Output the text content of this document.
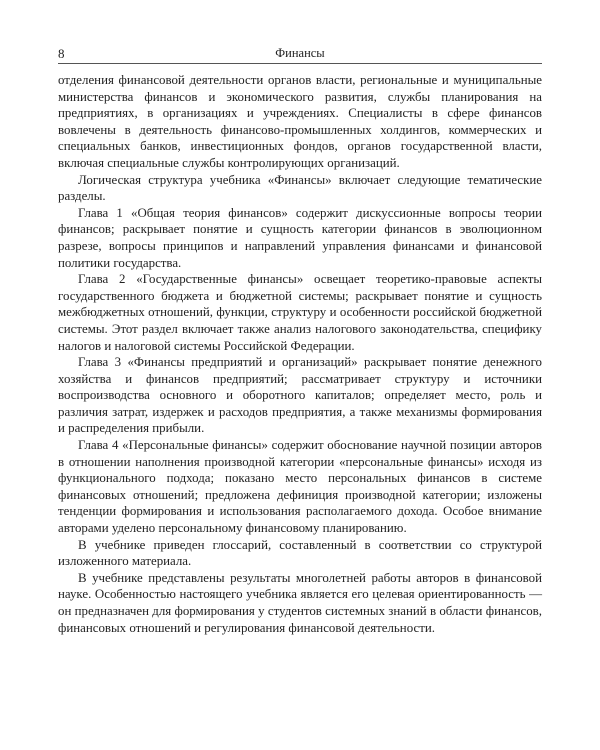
8	Финансы

отделения финансовой деятельности органов власти, региональные и муниципальные министерства финансов и экономического развития, службы планирования на предприятиях, в организациях и учреждениях. Специалисты в сфере финансов вовлечены в деятельность финансово-промышленных холдингов, коммерческих и специальных банков, инвестиционных фондов, органов государственной власти, включая специальные службы контролирующих организаций.

Логическая структура учебника «Финансы» включает следующие тематические разделы.

Глава 1 «Общая теория финансов» содержит дискуссионные вопросы теории финансов; раскрывает понятие и сущность категории финансов в эволюционном разрезе, вопросы принципов и направлений управления финансами и финансовой политики государства.

Глава 2 «Государственные финансы» освещает теоретико-правовые аспекты государственного бюджета и бюджетной системы; раскрывает понятие и сущность межбюджетных отношений, функции, структуру и особенности российской бюджетной системы. Этот раздел включает также анализ налогового законодательства, специфику налогов и налоговой системы Российской Федерации.

Глава 3 «Финансы предприятий и организаций» раскрывает понятие денежного хозяйства и финансов предприятий; рассматривает структуру и источники воспроизводства основного и оборотного капиталов; определяет место, роль и различия затрат, издержек и расходов предприятия, а также механизмы формирования и распределения прибыли.

Глава 4 «Персональные финансы» содержит обоснование научной позиции авторов в отношении наполнения производной категории «персональные финансы» исходя из функционального подхода; показано место персональных финансов в системе финансовых отношений; предложена дефиниция производной категории; изложены тенденции формирования и использования располагаемого дохода. Особое внимание авторами уделено персональному финансовому планированию.

В учебнике приведен глоссарий, составленный в соответствии со структурой изложенного материала.

В учебнике представлены результаты многолетней работы авторов в финансовой науке. Особенностью настоящего учебника является его целевая ориентированность — он предназначен для формирования у студентов системных знаний в области финансов, финансовых отношений и регулирования финансовой деятельности.
